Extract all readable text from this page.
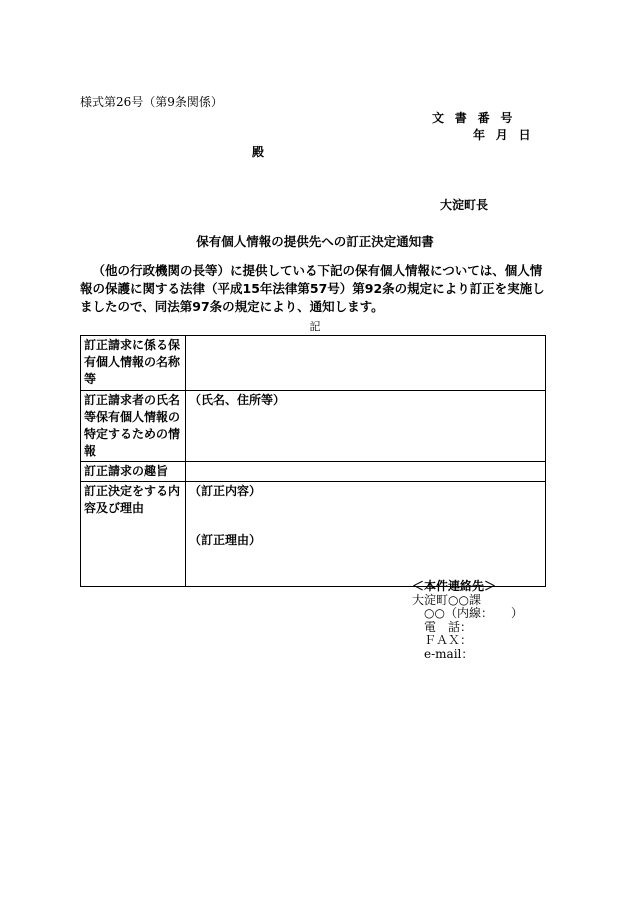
様式第26号（第9条関係）
文書番号
年月日
殿
大淀町長
保有個人情報の提供先への訂正決定通知書
（他の行政機関の長等）に提供している下記の保有個人情報については、個人情報の保護に関する法律（平成15年法律第57号）第92条の規定により訂正を実施しましたので、同法第97条の規定により、通知します。
記
訂正請求に係る保有個人情報の名称等	
訂正請求者の氏名等保有個人情報の特定するための情報	（氏名、住所等）
訂正請求の趣旨	
訂正決定をする内容及び理由	（訂正内容）
（訂正理由）
＜本件連絡先＞
大淀町○○課
　○○（内線：　　）
　電　話：
　ＦＡＸ：
　e-mail：
